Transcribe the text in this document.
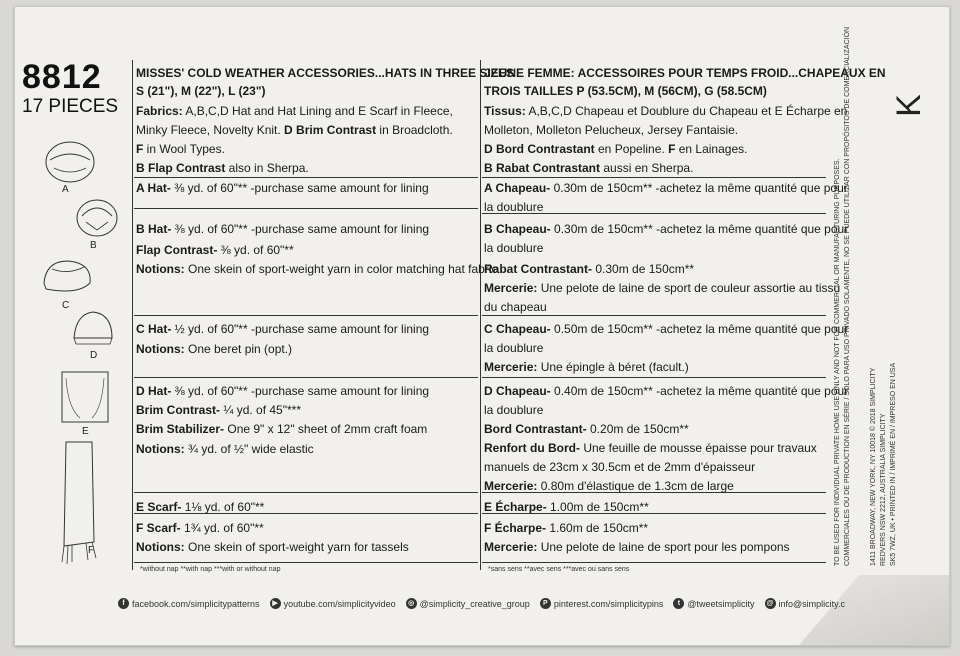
8812
17 PIECES
A
B
C
D
E
F
MISSES' COLD WEATHER ACCESSORIES...HATS IN THREE SIZES
S (21"), M (22"), L (23")
Fabrics: A,B,C,D Hat and Hat Lining and E Scarf in Fleece,
Minky Fleece, Novelty Knit. D Brim Contrast in Broadcloth.
F in Wool Types.
B Flap Contrast also in Sherpa.
A Hat- ⅜ yd. of 60"** -purchase same amount for lining
B Hat- ⅜ yd. of 60"** -purchase same amount for lining
Flap Contrast- ⅜ yd. of 60"**
Notions: One skein of sport-weight yarn in color matching hat fabric
C Hat- ½ yd. of 60"** -purchase same amount for lining
Notions: One beret pin (opt.)
D Hat- ⅜ yd. of 60"** -purchase same amount for lining
Brim Contrast- ¼ yd. of 45"***
Brim Stabilizer- One 9" x 12" sheet of 2mm craft foam
Notions: ¾ yd. of ½" wide elastic
E Scarf- 1⅛ yd. of 60"**
F Scarf- 1¾ yd. of 60"**
Notions: One skein of sport-weight yarn for tassels
*without nap **with nap ***with or without nap
JEUNE FEMME: ACCESSOIRES POUR TEMPS FROID...CHAPEAUX EN
TROIS TAILLES P (53.5CM), M (56CM), G (58.5CM)
Tissus: A,B,C,D Chapeau et Doublure du Chapeau et E Écharpe en
Molleton, Molleton Pelucheux, Jersey Fantaisie.
D Bord Contrastant en Popeline. F en Lainages.
B Rabat Contrastant aussi en Sherpa.
A Chapeau- 0.30m de 150cm** -achetez la même quantité que pour
la doublure
B Chapeau- 0.30m de 150cm** -achetez la même quantité que pour
la doublure
Rabat Contrastant- 0.30m de 150cm**
Mercerie: Une pelote de laine de sport de couleur assortie au tissu
du chapeau
C Chapeau- 0.50m de 150cm** -achetez la même quantité que pour
la doublure
Mercerie: Une épingle à béret (facult.)
D Chapeau- 0.40m de 150cm** -achetez la même quantité que pour
la doublure
Bord Contrastant- 0.20m de 150cm**
Renfort du Bord- Une feuille de mousse épaisse pour travaux
manuels de 23cm x 30.5cm et de 2mm d'épaisseur
Mercerie: 0.80m d'élastique de 1.3cm de large
E Écharpe- 1.00m de 150cm**
F Écharpe- 1.60m de 150cm**
Mercerie: Une pelote de laine de sport pour les pompons
*sans sens **avec sens ***avec ou sans sens
f facebook.com/simplicitypatterns	▶ youtube.com/simplicityvideo	◎ @simplicity_creative_group	P pinterest.com/simplicitypins	t @tweetsimplicity @ info@simplicity.c
K
TO BE USED FOR INDIVIDUAL PRIVATE HOME USE ONLY AND NOT FOR COMMERCIAL OR MANUFACTURING PURPOSES. COMMERCIALES OU DE PRODUCTION EN SÉRIE / SÓLO PARA USO PRIVADO SOLAMENTE, NO SE PUEDE UTILIZAR CON PROPÓSITOS DE COMERCIALIZACIÓN	1411 BROADWAY, NEW YORK, NY 10018 © 2018 SIMPLICITY REDVERS NSW 2212, AUSTRALIA SIMPLICITY SK5 7WZ, UK • PRINTED IN / IMPRIMÉ EN / IMPRESO EN USA
